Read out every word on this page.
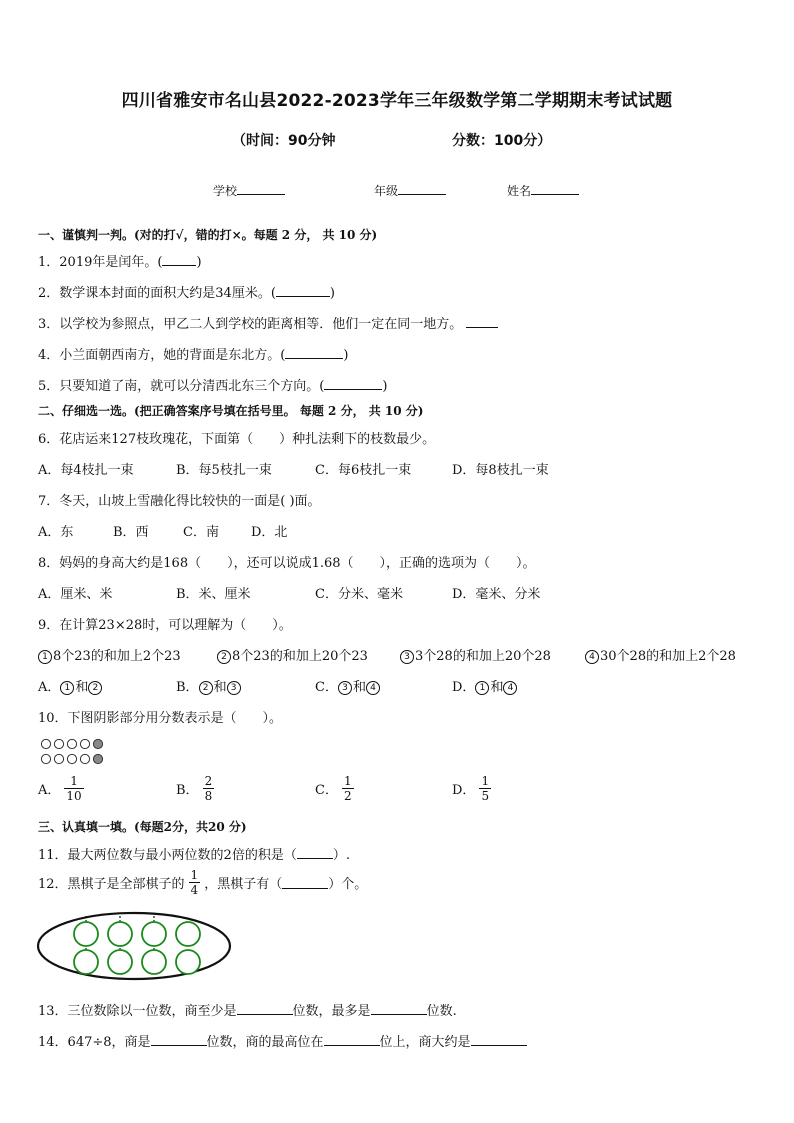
四川省雅安市名山县2022-2023学年三年级数学第二学期期末考试试题
（时间：90分钟	分数：100分）
学校	年级	姓名
一、谨慎判一判。(对的打√，错的打×。每题 2 分， 共 10 分)
1．2019年是闰年。(	)
2．数学课本封面的面积大约是34厘米。(	)
3．以学校为参照点，甲乙二人到学校的距离相等．他们一定在同一地方。
4．小兰面朝西南方，她的背面是东北方。(	)
5．只要知道了南，就可以分清西北东三个方向。(	)
二、仔细选一选。(把正确答案序号填在括号里。 每题 2 分， 共 10 分)
6．花店运来127枝玫瑰花，下面第（　　）种扎法剩下的枝数最少。
A．每4枝扎一束	B．每5枝扎一束	C．每6枝扎一束	D．每8枝扎一束
7．冬天，山坡上雪融化得比较快的一面是( )面。
A．东	B．西	C．南 D．北
8．妈妈的身高大约是168（　　），还可以说成1.68（　　），正确的选项为（　　）。
A．厘米、米	B．米、厘米	C．分米、毫米	D．毫米、分米
9．在计算23×28时，可以理解为（　　）。
1 8个23的和加上2个23	2 8个23的和加上20个23	3 3个28的和加上20个28	4 30个28的和加上2个28
A． 1 和 2	B． 2 和 3	C． 3 和 4	D． 1 和 4
10．下图阴影部分用分数表示是（　　）。
A． $\frac{1}{10}$	B． $\frac{2}{8}$	C． $\frac{1}{2}$	D． $\frac{1}{5}$
三、认真填一填。(每题2分，共20 分)
11．最大两位数与最小两位数的2倍的积是（	）.
12．黑棋子是全部棋子的 $\frac{1}{4}$ ，黑棋子有（	）个。
13．三位数除以一位数，商至少是	位数，最多是	位数.
14．647÷8，商是	位数，商的最高位在	位上，商大约是
